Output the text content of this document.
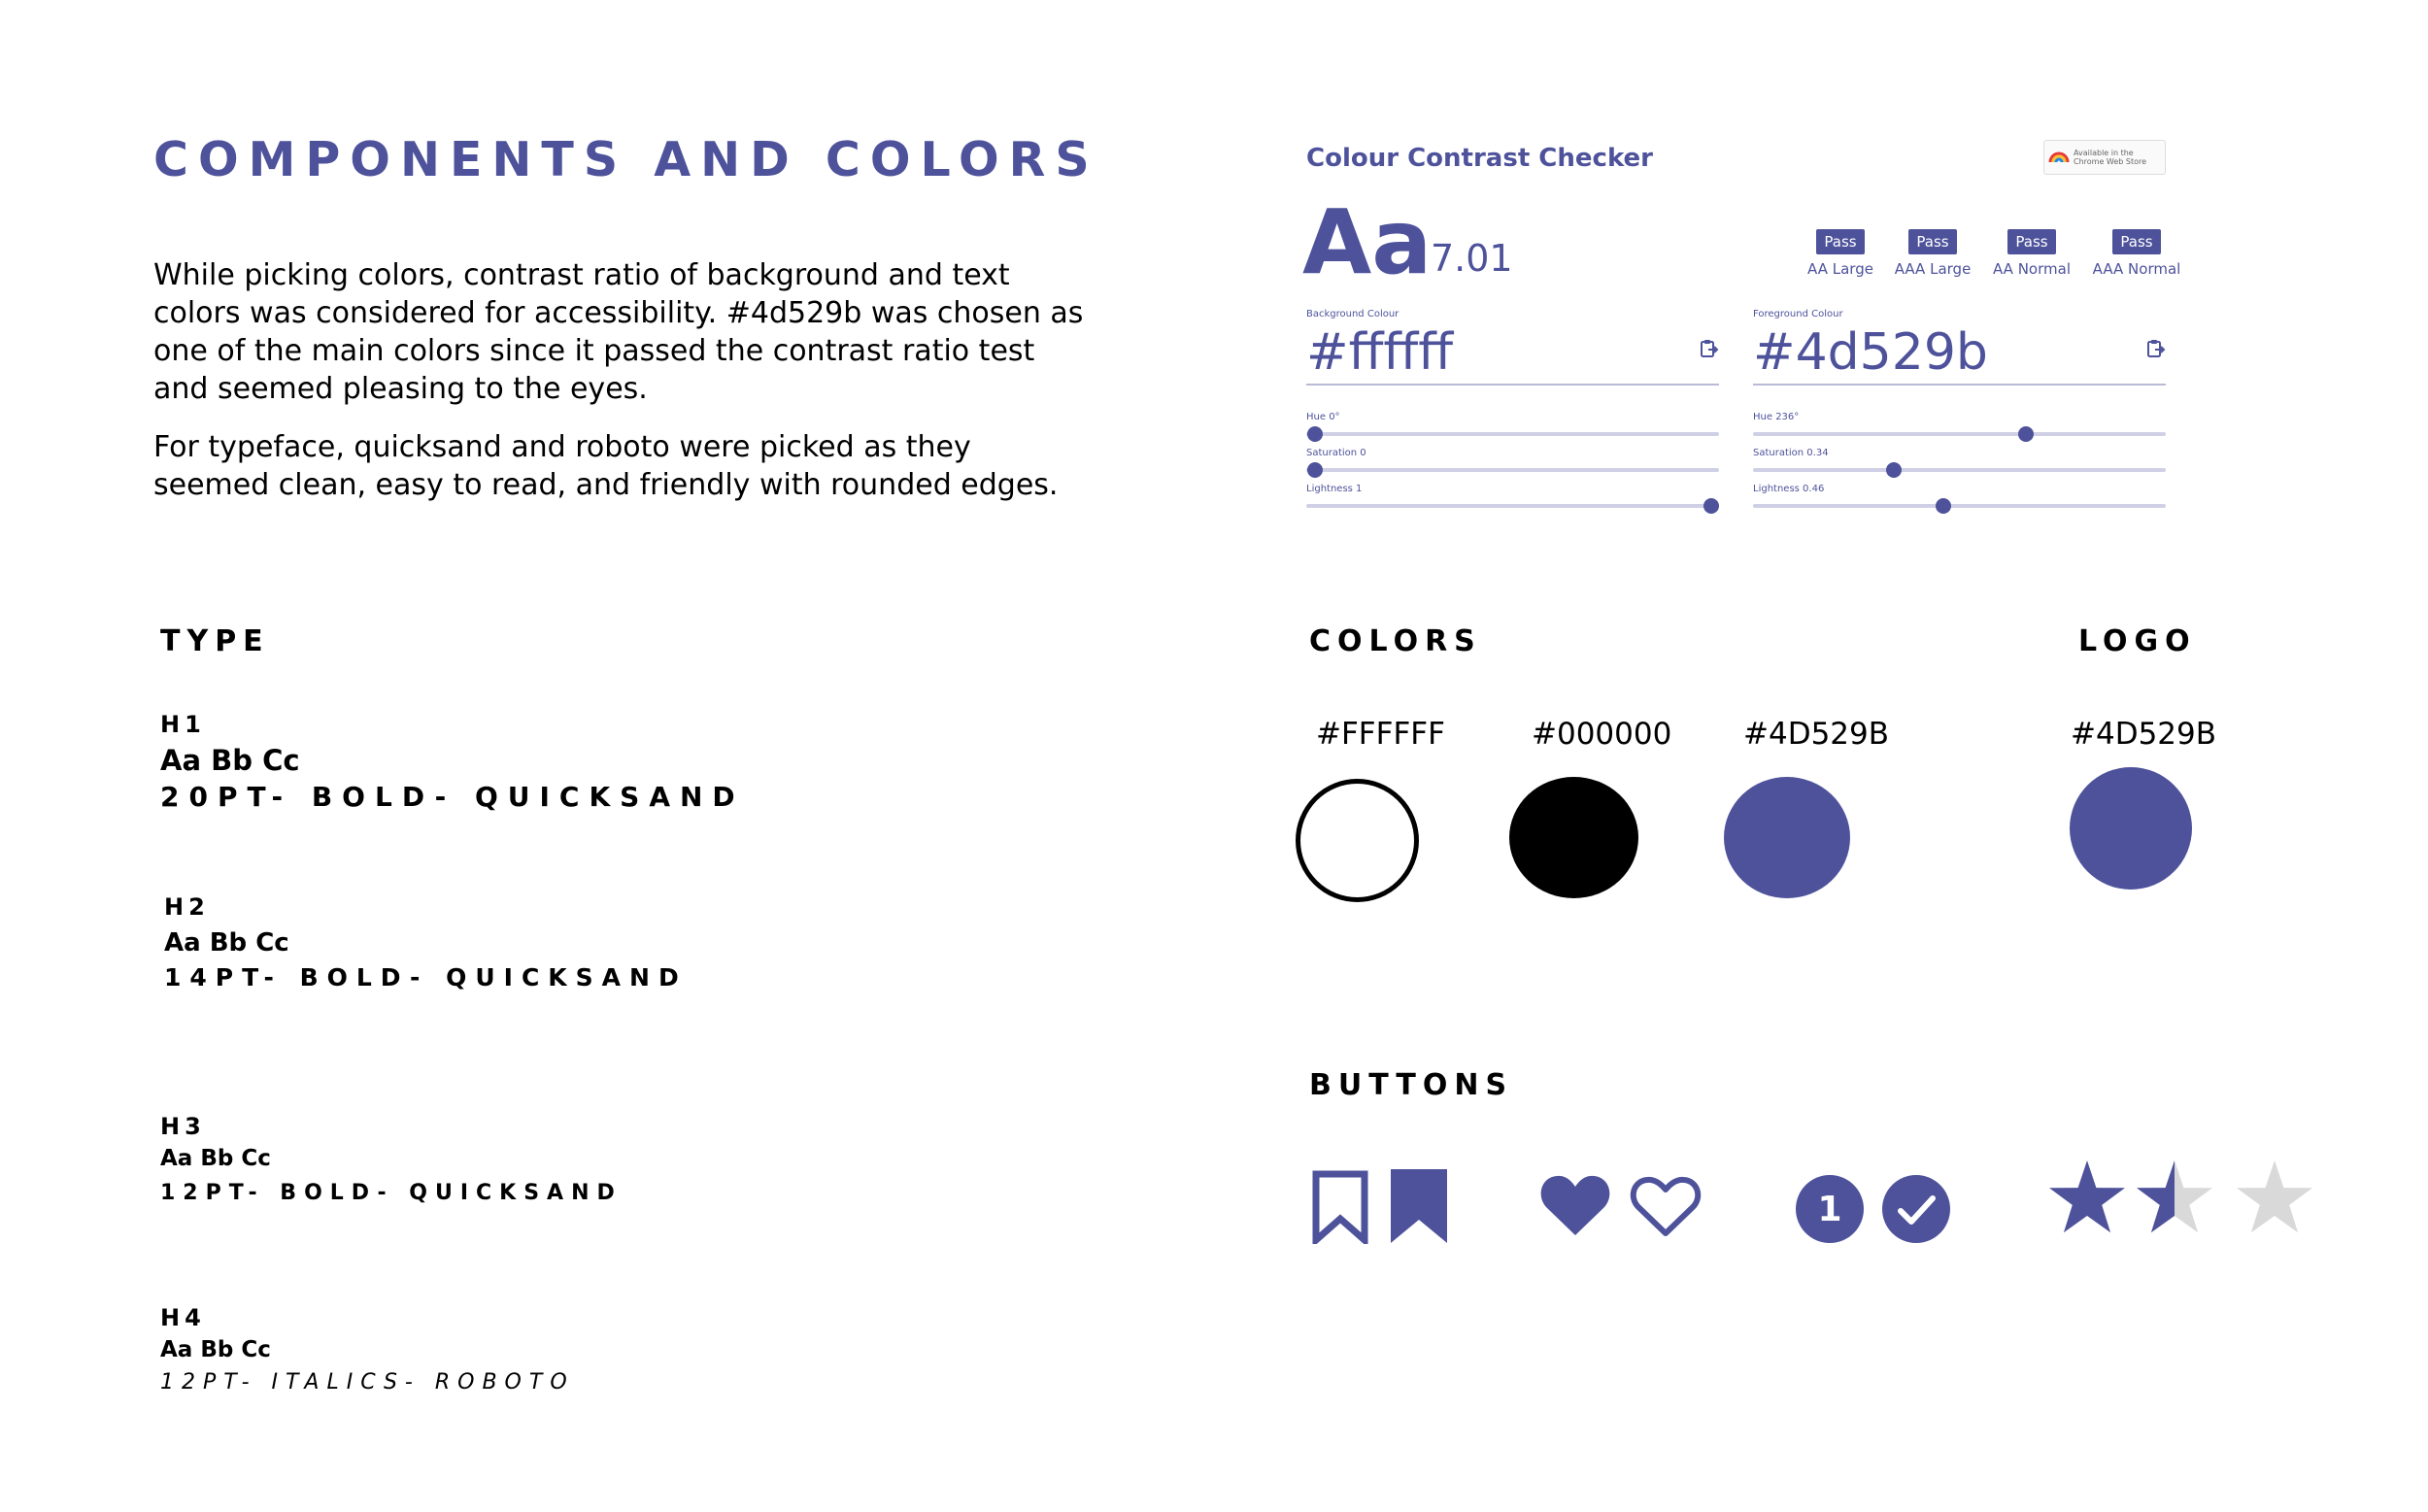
COMPONENTS AND COLORS

While picking colors, contrast ratio of background and text colors was considered for accessibility. #4d529b was chosen as one of the main colors since it passed the contrast ratio test and seemed pleasing to the eyes.

For typeface, quicksand and roboto were picked as they seemed clean, easy to read, and friendly with rounded edges.

Colour Contrast Checker	Available in the
Chrome Web Store
Aa
7.01	Pass
AA Large
Pass
AAA Large
Pass
AA Normal
Pass
AAA Normal
Background Colour
#ffffff
Foreground Colour
#4d529b
Hue 0°
Saturation 0
Lightness 1
Hue 236°
Saturation 0.34
Lightness 0.46
TYPE
H1
Aa Bb Cc
20PT- BOLD- QUICKSAND
H2
Aa Bb Cc
14PT- BOLD- QUICKSAND
H3
Aa Bb Cc
12PT- BOLD- QUICKSAND
H4
Aa Bb Cc
12PT- ITALICS- ROBOTO
COLORS
#FFFFFF	#000000 #4D529B
LOGO
#4D529B
BUTTONS
1
